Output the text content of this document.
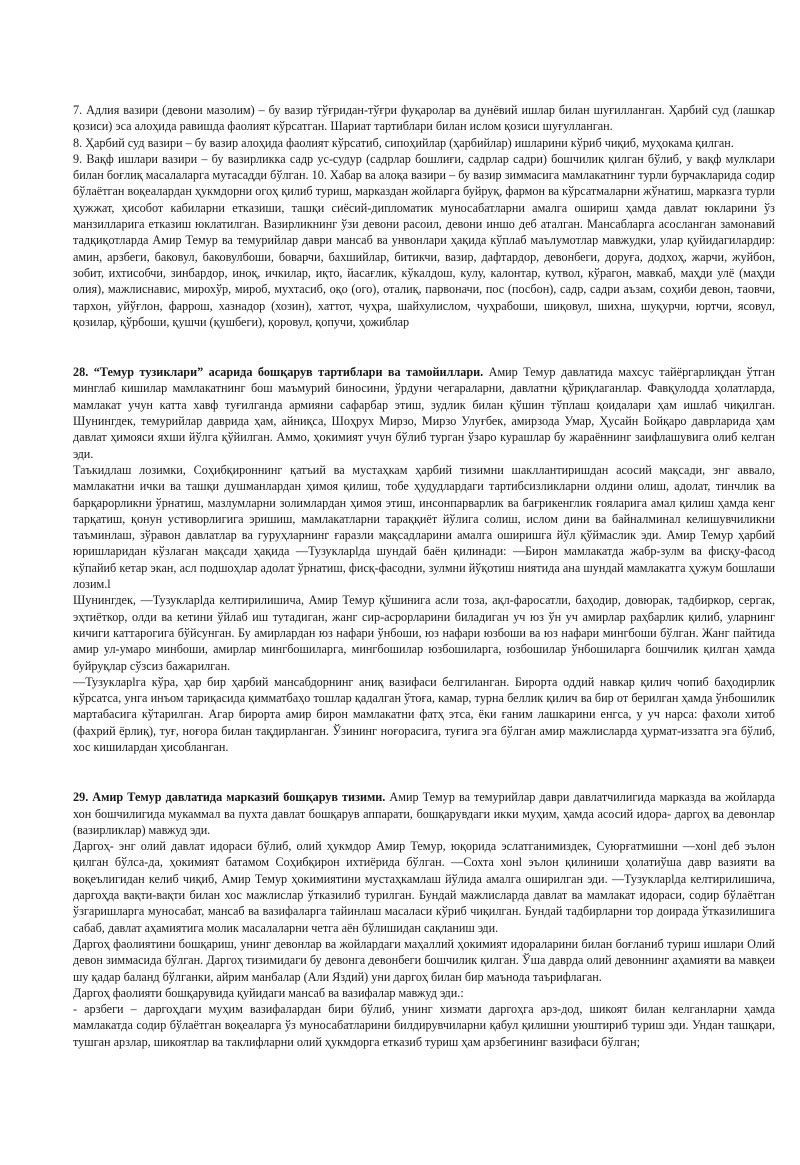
7. Адлия вазири (девони мазолим) – бу вазир тўғридан-тўғри фуқаролар ва дунёвий ишлар билан шуғилланган. Ҳарбий суд (лашкар қозиси) эса алоҳида равишда фаолият кўрсатган. Шариат тартиблари билан ислом қозиси шуғулланган.

8. Ҳарбий суд вазири – бу вазир алоҳида фаолият кўрсатиб, сипоҳийлар (ҳарбийлар) ишларини кўриб чиқиб, муҳокама қилган.

9. Вақф ишлари вазири – бу вазирликка садр ус-судур (садрлар бошлиғи, садрлар садри) бошчилик қилган бўлиб, у вақф мулклари билан боғлиқ масалаларга мутасадди бўлган. 10. Хабар ва алоқа вазири – бу вазир зиммасига мамлакатнинг турли бурчакларида содир бўлаётган воқеалардан ҳукмдорни огоҳ қилиб туриш, марказдан жойларга буйруқ, фармон ва кўрсатмаларни жўнатиш, марказга турли ҳужжат, ҳисобот кабиларни етказиши, ташқи сиёсий-дипломатик муносабатларни амалга ошириш ҳамда давлат юкларини ўз манзилларига етказиш юклатилган. Вазирликнинг ўзи девони расоил, девони иншо деб аталган. Мансабларга асосланган замонавий тадқиқотларда Амир Темур ва темурийлар даври мансаб ва унвонлари ҳақида кўплаб маълумотлар мавжудки, улар қуйидагилардир: амин, арзбеги, баковул, баковулбоши, боварчи, бахшийлар, битикчи, вазир, дафтардор, девонбеги, доруға, додхоҳ, жарчи, жуйбон, зобит, ихтисобчи, зинбардор, иноқ, ичкилар, иқто, йасағлик, кўкалдош, кулу, калонтар, кутвол, кўрагон, мавкаб, маҳди улё (маҳди олия), мажлиснавис, мирохўр, мироб, мухтасиб, оқо (ого), оталиқ, парвоначи, пос (посбон), садр, садри аъзам, соҳиби девон, таовчи, тархон, уйўғлон, фаррош, хазнадор (хозин), хаттот, чуҳра, шайхулислом, чуҳрабоши, шиқовул, шихна, шуқурчи, юртчи, ясовул, қозилар, қўрбоши, қушчи (қушбеги), қоровул, қопучи, ҳожиблар

28. “Темур тузиклари” асарида бошқарув тартиблари ва тамойиллари. Амир Темур давлатида махсус тайёргарлиқдан ўтган минглаб кишилар мамлакатнинг бош маъмурий биносини, ўрдуни чегараларни, давлатни қўриқлаганлар. Фавқулодда ҳолатларда, мамлакат учун катта хавф туғилганда армияни сафарбар этиш, зудлик билан қўшин тўплаш қоидалари ҳам ишлаб чиқилган. Шунингдек, темурийлар даврида ҳам, айниқса, Шоҳрух Мирзо, Мирзо Улуғбек, амирзода Умар, Ҳусайн Бойқаро даврларида ҳам давлат ҳимояси яхши йўлга қўйилган. Аммо, ҳокимият учун бўлиб турган ўзаро курашлар бу жараённинг заифлашувига олиб келган эди.

Таъкидлаш лозимки, Соҳибқироннинг қатъий ва мустаҳкам ҳарбий тизимни шакллантиришдан асосий мақсади, энг аввало, мамлакатни ички ва ташқи душманлардан ҳимоя қилиш, тобе ҳудудлардаги тартибсизликларни олдини олиш, адолат, тинчлик ва барқарорликни ўрнатиш, мазлумларни золимлардан ҳимоя этиш, инсонпарварлик ва бағрикенглик ғояларига амал қилиш ҳамда кенг тарқатиш, қонун устиворлигига эришиш, мамлакатларни тараққиёт йўлига солиш, ислом дини ва байналминал келишувчиликни таъминлаш, зўравон давлатлар ва гуруҳларнинг ғаразли мақсадларини амалга оширишга йўл қўймаслик эди. Амир Темур ҳарбий юришларидан кўзлаган мақсади ҳақида ―Тузукларlда шундай баён қилинади: ―Бирон мамлакатда жабр-зулм ва фисқу-фасод кўпайиб кетар экан, асл подшоҳлар адолат ўрнатиш, фисқ-фасодни, зулмни йўқотиш ниятида ана шундай мамлакатга ҳужум бошлаши лозим.l

Шунингдек, ―Тузукларlда келтирилишича, Амир Темур қўшинига асли тоза, ақл-фаросатли, баҳодир, довюрак, тадбиркор, сергак, эҳтиёткор, олди ва кетини ўйлаб иш тутадиган, жанг сир-асрорларини биладиган уч юз ўн уч амирлар раҳбарлик қилиб, уларнинг кичиги каттарогига бўйсунган. Бу амирлардан юз нафари ўнбоши, юз нафари юзбоши ва юз нафари мингбоши бўлган. Жанг пайтида амир ул-умаро минбоши, амирлар мингбошиларга, мингбошилар юзбошиларга, юзбошилар ўнбошиларга бошчилик қилган ҳамда буйруқлар сўзсиз бажарилган.

―Тузукларlга кўра, ҳар бир ҳарбий мансабдорнинг аниқ вазифаси белгиланган. Бирорта оддий навкар қилич чопиб баҳодирлик кўрсатса, унга инъом тариқасида қимматбаҳо тошлар қадалган ўтоға, камар, турна беллик қилич ва бир от берилган ҳамда ўнбошилик мартабасига кўтарилган. Агар бирорта амир бирон мамлакатни фатҳ этса, ёки ғаним лашкарини енгса, у уч нарса: фахоли хитоб (фахрий ёрлиқ), туғ, ноғора билан тақдирланган. Ўзининг ноғорасига, туғига эга бўлган амир мажлисларда ҳурмат-иззатга эга бўлиб, хос кишилардан ҳисобланган.

29. Амир Темур давлатида марказий бошқарув тизими. Амир Темур ва темурийлар даври давлатчилигида марказда ва жойларда хон бошчилигида мукаммал ва пухта давлат бошқарув аппарати, бошқарувдаги икки муҳим, ҳамда асосий идора- даргоҳ ва девонлар (вазирликлар) мавжуд эди.

Даргоҳ- энг олий давлат идораси бўлиб, олий ҳукмдор Амир Темур, юқорида эслатганимиздек, Суюрғатмишни ―хонl деб эълон қилган бўлса-да, ҳокимият батамом Соҳибқирон ихтиёрида бўлган. ―Сохта хонl эълон қилиниши ҳолатиўша давр вазияти ва воқеълигидан келиб чиқиб, Амир Темур ҳокимиятини мустаҳкамлаш йўлида амалга оширилган эди. ―Тузукларlда келтирилишича, даргоҳда вақти-вақти билан хос мажлислар ўтказилиб турилган. Бундай мажлисларда давлат ва мамлакат идораси, содир бўлаётган ўзгаришларга муносабат, мансаб ва вазифаларга тайинлаш масаласи кўриб чиқилган. Бундай тадбирларни тор доирада ўтказилишига сабаб, давлат аҳамиятига молик масалаларни четга аён бўлишидан сақланиш эди.

Даргоҳ фаолиятини бошқариш, унинг девонлар ва жойлардаги маҳаллий ҳокимият идораларини билан боғланиб туриш ишлари Олий девон зиммасида бўлган. Даргоҳ тизимидаги бу девонга девонбеги бошчилик қилган. Ўша даврда олий девоннинг аҳамияти ва мавқеи шу қадар баланд бўлганки, айрим манбалар (Али Яздий) уни даргоҳ билан бир маънода таърифлаган.

Даргоҳ фаолияти бошқарувида қуйидаги мансаб ва вазифалар мавжуд эди.:

- арзбеги – даргоҳдаги муҳим вазифалардан бири бўлиб, унинг хизмати даргоҳга арз-дод, шикоят билан келганларни ҳамда мамлакатда содир бўлаётган воқеаларга ўз муносабатларини билдирувчиларни қабул қилишни уюштириб туриш эди. Ундан ташқари, тушган арзлар, шикоятлар ва таклифларни олий ҳукмдорга етказиб туриш ҳам арзбегининг вазифаси бўлган;
